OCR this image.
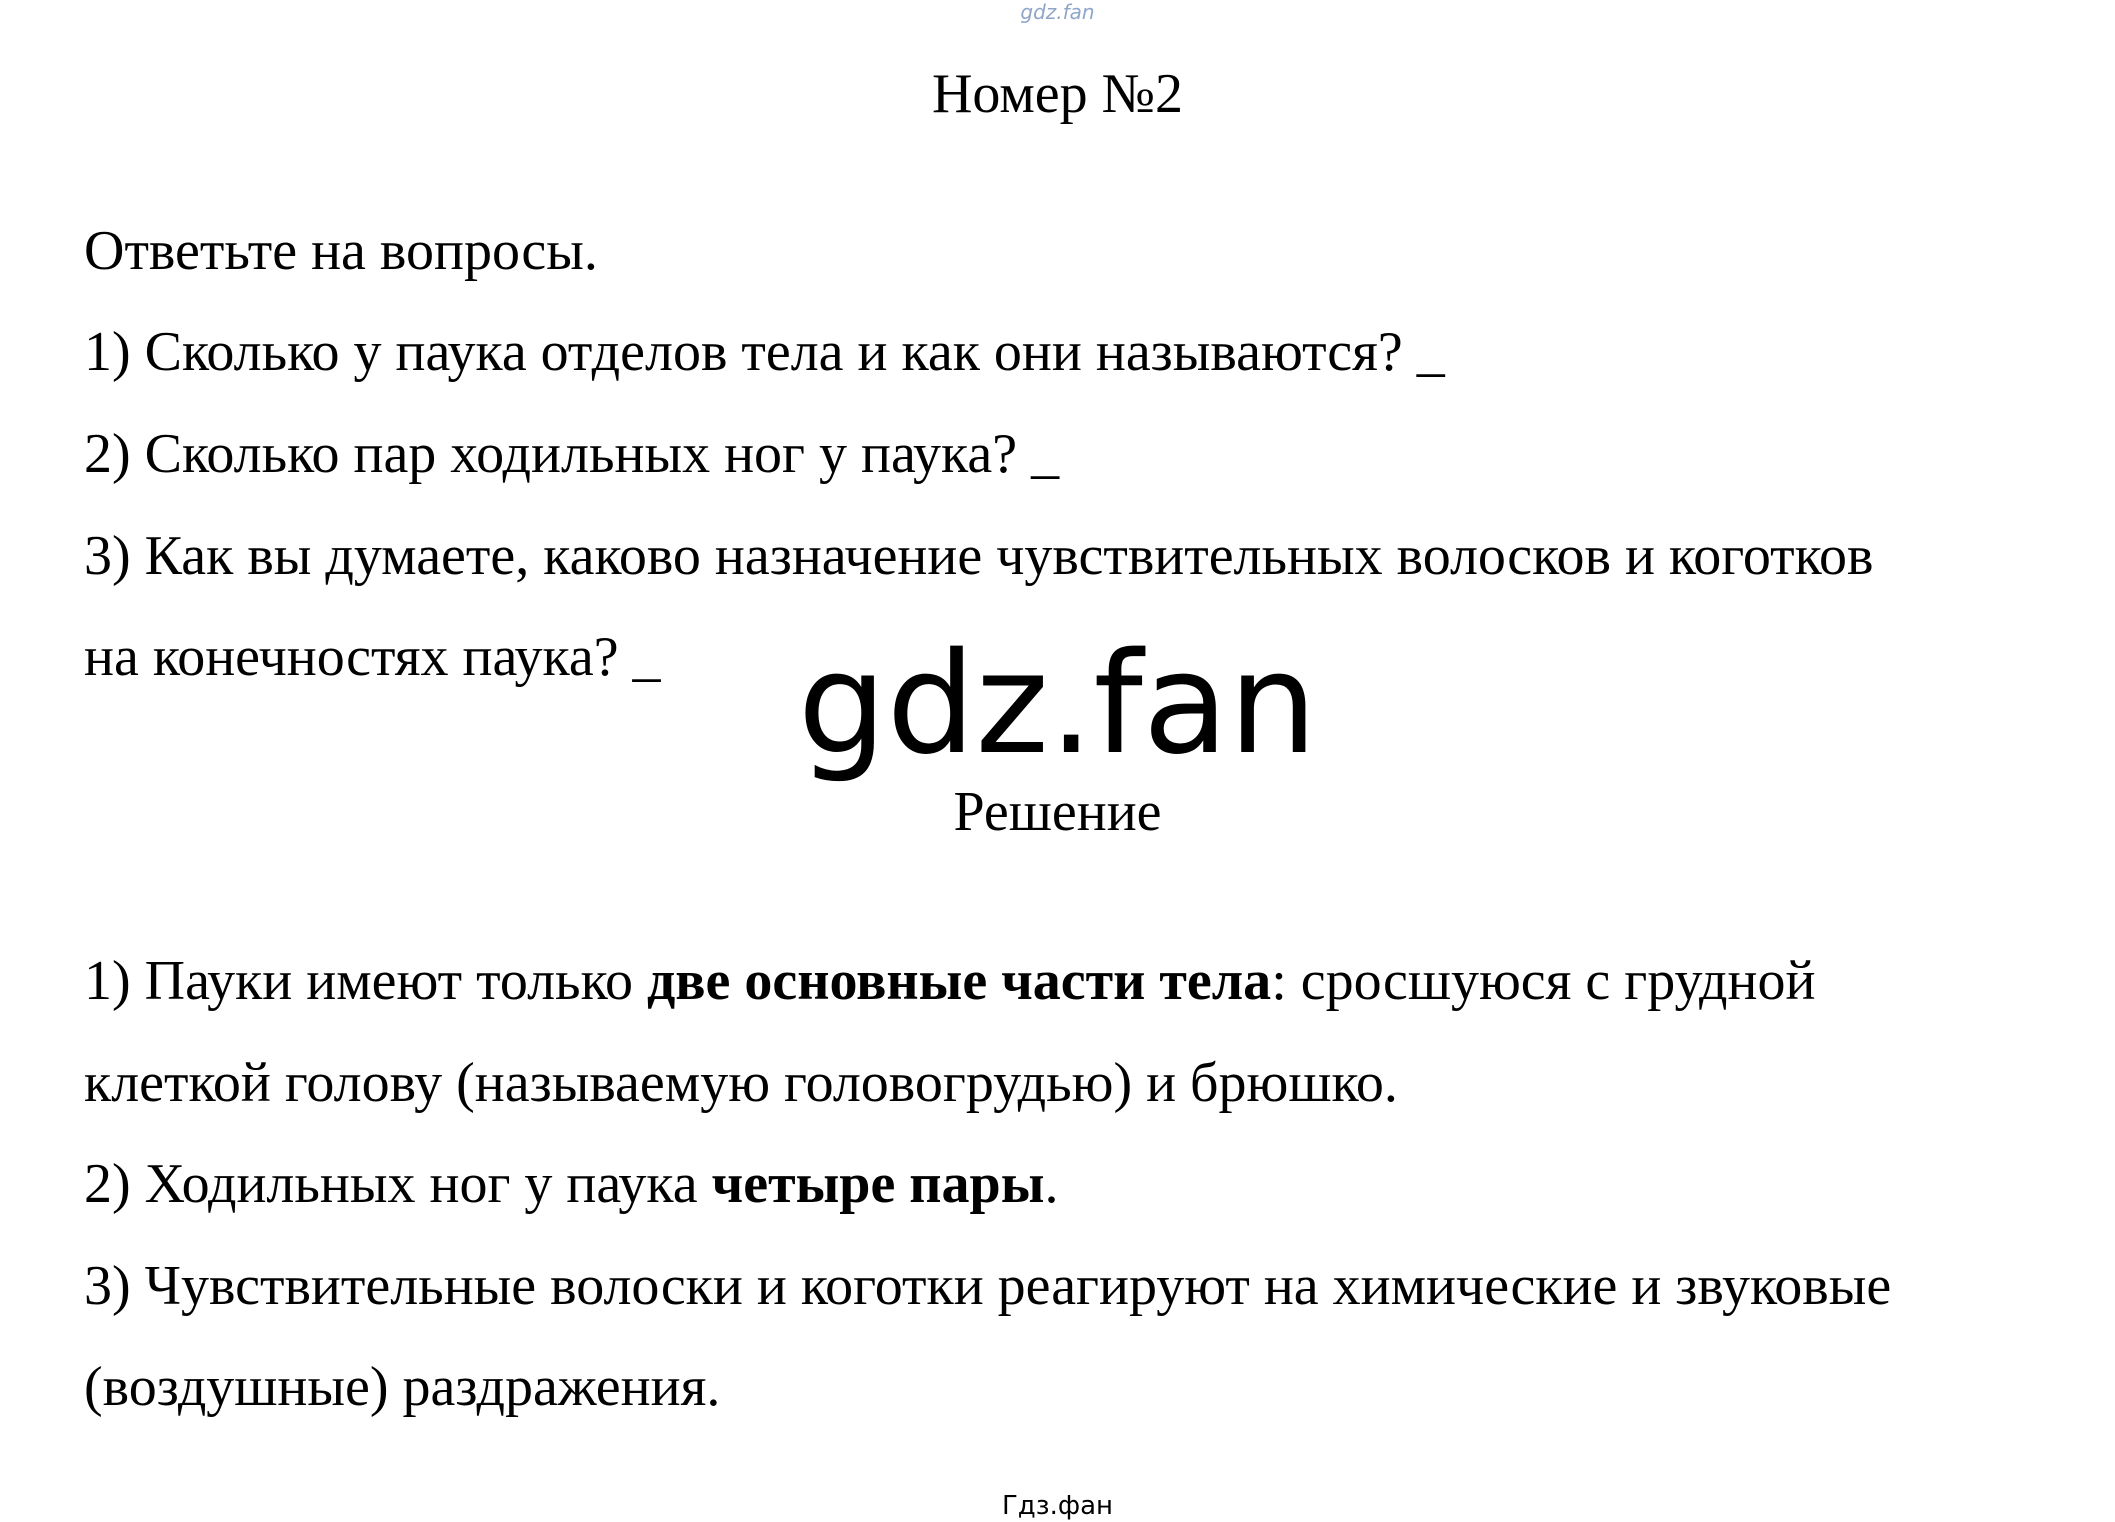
gdz.fan
Номер №2
Ответьте на вопросы.
1) Сколько у паука отделов тела и как они называются? _
2) Сколько пар ходильных ног у паука? _
3) Как вы думаете, каково назначение чувствительных волосков и коготков
на конечностях паука? _ gdz.fan
Решение
1) Пауки имеют только две основные части тела: сросшуюся с грудной
клеткой голову (называемую головогрудью) и брюшко.
2) Ходильных ног у паука четыре пары.
3) Чувствительные волоски и коготки реагируют на химические и звуковые
(воздушные) раздражения.
Гдз.фан
